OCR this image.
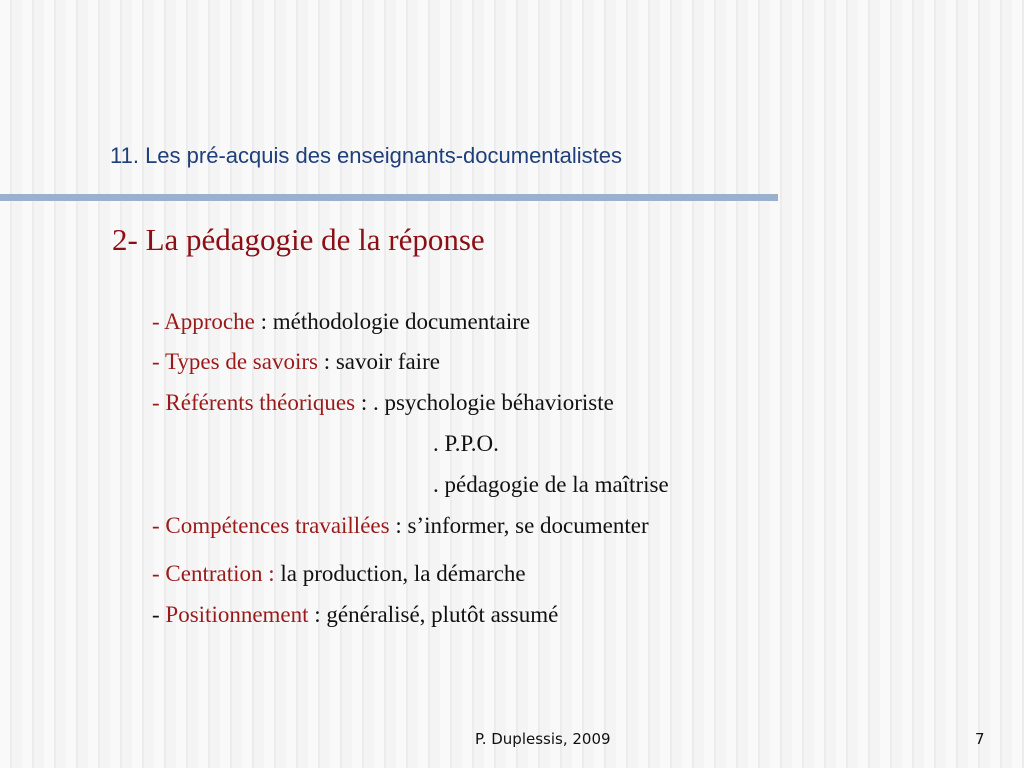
11. Les pré-acquis des enseignants-documentalistes
2- La pédagogie de la réponse
- Approche : méthodologie documentaire
- Types de savoirs : savoir faire
- Référents théoriques : . psychologie béhavioriste
. P.P.O.
. pédagogie de la maîtrise
- Compétences travaillées : s’informer, se documenter
- Centration : la production, la démarche
- Positionnement : généralisé, plutôt assumé
P. Duplessis, 2009	7
